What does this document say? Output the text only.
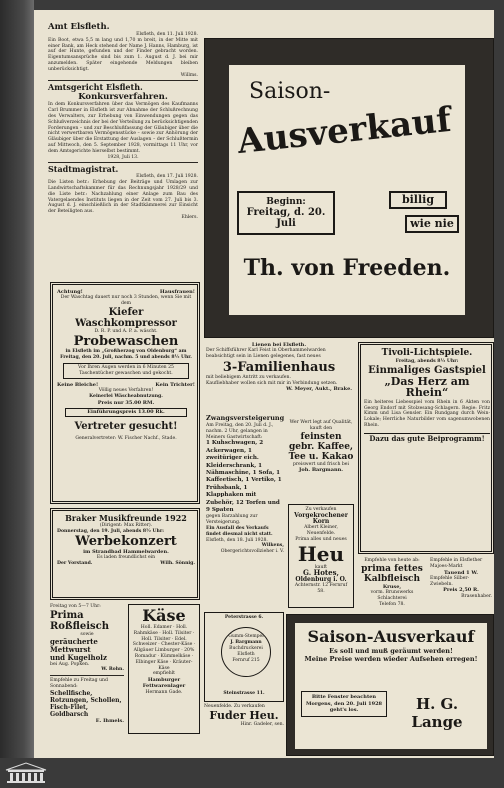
Amt Elsfleth.
Elsfleth, den 11. Juli 1928.
Ein Boot, etwa 5,5 m lang und 1,70 m breit, in der Mitte mit einer Bank, am Heck stehend der Name J. Hanns, Hamburg, ist auf der Hunte, gefunden und der Finder gebracht worden. Eigentumsansprüche sind bis zum 1. August d. J. bei mir anzumelden. Später eingehende Meldungen bleiben unberücksichtigt.
Willms.
Amtsgericht Elsfleth.
Konkursverfahren.
In dem Konkursverfahren über das Vermögen des Kaufmanns Carl Brummer in Elsfleth ist zur Abnahme der Schlußrechnung des Verwalters, zur Erhebung von Einwendungen gegen das Schlußverzeichnis der bei der Verteilung zu berücksichtigenden Forderungen – und zur Beschlußfassung der Gläubiger über die nicht verwertbaren Vermögensstücke – sowie zur Anhörung der Gläubiger über die Erstattung der Auslagen – der Schlußtermin auf Mittwoch, den 5. September 1928, vormittags 11 Uhr, vor dem Amtsgerichte hierselbst bestimmt.
1928, Juli 13.
Stadtmagistrat.
Elsfleth, den 17. Juli 1928.
Die Listen betr.: Erhebung der Beiträge und Umlagen zur Landwirtschaftskammer für das Rechnungsjahr 1928/29 und die Liste betr.: Nachzahlung einer Anlage zum Bau des Vatergelaendes Instituts liegen in der Zeit vom 27. Juli bis 3. August d. J. einschließlich in der Stadtkämmerei zur Einsicht der Beteiligten aus.
Ehlers.
Achtung!	Hausfrauen!
Der Waschtag dauert nur noch 3 Stunden, wenn Sie mit dem
Kiefer Waschkompressor
D. R. P. und A. P. a. wäscht.
Probewaschen
in Elsfleth im „Großherzog von Oldenburg“ am Freitag, den 20. Juli, nachm. 5 und abends 8½ Uhr.
Vor Ihren Augen werden in 6 Minuten 25 Taschentücher gewaschen und gekocht.
Keine Bleiche!	Kein Trichter!
Völlig neues Verfahren!
Keinerlei Wäscheabnutzung.
Preis nur 35.00 RM.
Einführungspreis 13.00 Rk.
Vertreter gesucht!
Generalvertreter: W. Fischer Nachf., Stade.
Braker Musikfreunde 1922
(Dirigent: Max Ritter).
Donnerstag, den 19. Juli, abends 8½ Uhr:
Werbekonzert
im Strandbad Hammelwarden.
Es laden freundlichst ein
Der Vorstand.	Wilh. Sönnig.
Freitag von 5—7 Uhr:
Prima Roßfleisch
sowie
geräucherte Mettwurst
und Kugelholz
bei Aug. Popken.
W. Rohn.
Empfehle zu Freitag und Sonnabend:
Schellfische, Rotzungen, Schollen, Fisch-Filet, Goldbarsch
E. Ihmels.
Käse
Holl. Edamer · Holl. Rahmkäse · Holl. Tilsiter · Holl. Tilsiter · Edel. Schweizer · Chester-Käse · Allgäuer Limburger · 20% Romadur · Kümmelkäse · Elbinger Käse · Kräuter-Käse
empfiehlt
Hamburger Fettwarenlager
Hermann Gade.
Saison-
Ausverkauf
Beginn:
Freitag, d. 20. Juli
billig
wie nie
Th. von Freeden.
Lienen bei Elsfleth.
Der Schiffsführer Karl Feist in Oberhammelwarden beabsichtigt sein in Lienen gelegenes, fast neues
3-Familienhaus
mit beliebigem Antritt zu verkaufen.
Kaufliebhaber wollen sich mit mir in Verbindung setzen.
W. Meyer, Aukt., Brake.
Zwangsversteigerung
Am Freitag, den 20. Juli d. J., nachm. 2 Uhr, gelangen in Meiners Gastwirtschaft:
1 Kuhschwagen, 2 Ackerwagen, 1 zweitüriger eich. Kleiderschrank, 1 Nähmaschine, 1 Sofa, 1 Kaffeetisch, 1 Vertiko, 1 Frühsbank, 1 Klapphaken mit Zubehör, 12 Torfen und 9 Spaten
gegen Barzahlung zur Versteigerung.
Ein Ausfall des Verkaufs findet diesmal nicht statt.
Elsfleth, den 18. Juli 1928.
Wilkens,
Obergerichtsvollzieher i. V.
Wer Wert legt auf Qualität, kauft den
feinsten gebr. Kaffee, Tee u. Kakao
preiswert und frisch bei
Joh. Bargmann.
Zu verkaufen
Vorgekrochener Korn
Albert Kleiner, Neuenfelde.
Prima alles und neues
Heu
kauft
G. Hotes,
Oldenburg i. O.
Achternstr. 12 Fernruf 58.
Tivoli-Lichtspiele.
Freitag, abends 8½ Uhr:
Einmaliges Gastspiel
„Das Herz am Rhein“
Ein heiteres Liebesspiel vom Rhein in 6 Akten von Georg Endorf mit Stolzesang-Schlagern. Regie: Fritz Kimm und Lisa Gensler. Ein Rundgang durch Wein-Lokale; Herrliche Naturbilder vom sagenumwobenen Rhein.
Dazu das gute Beiprogramm!
Empfehle von heute ab:
prima fettes Kalbfleisch
Kruse,
vorm. Brunswerks Schlachterei
Telefon 78.
Empfehle in Elsflether Majoes-Markt
Tauend 1 W.
Empfehle Silber-Zwiebeln.
Preis 2,50 R.
Brasenhaber.
Peterstrasse 6.
Gumm-Stempel
J. Bargmann
Buchdruckerei Elsfleth
Fernruf 215
Steinstrasse 11.
Neuenfelde. Zu verkaufen
Fuder Heu.
Hinr. Gadeler, sen.
Saison-Ausverkauf
Es soll und muß geräumt werden!
Meine Preise werden wieder Aufsehen erregen!
Bitte Fenster beachten Morgens, den 20. Juli 1928 geht's los.	H. G. Lange
